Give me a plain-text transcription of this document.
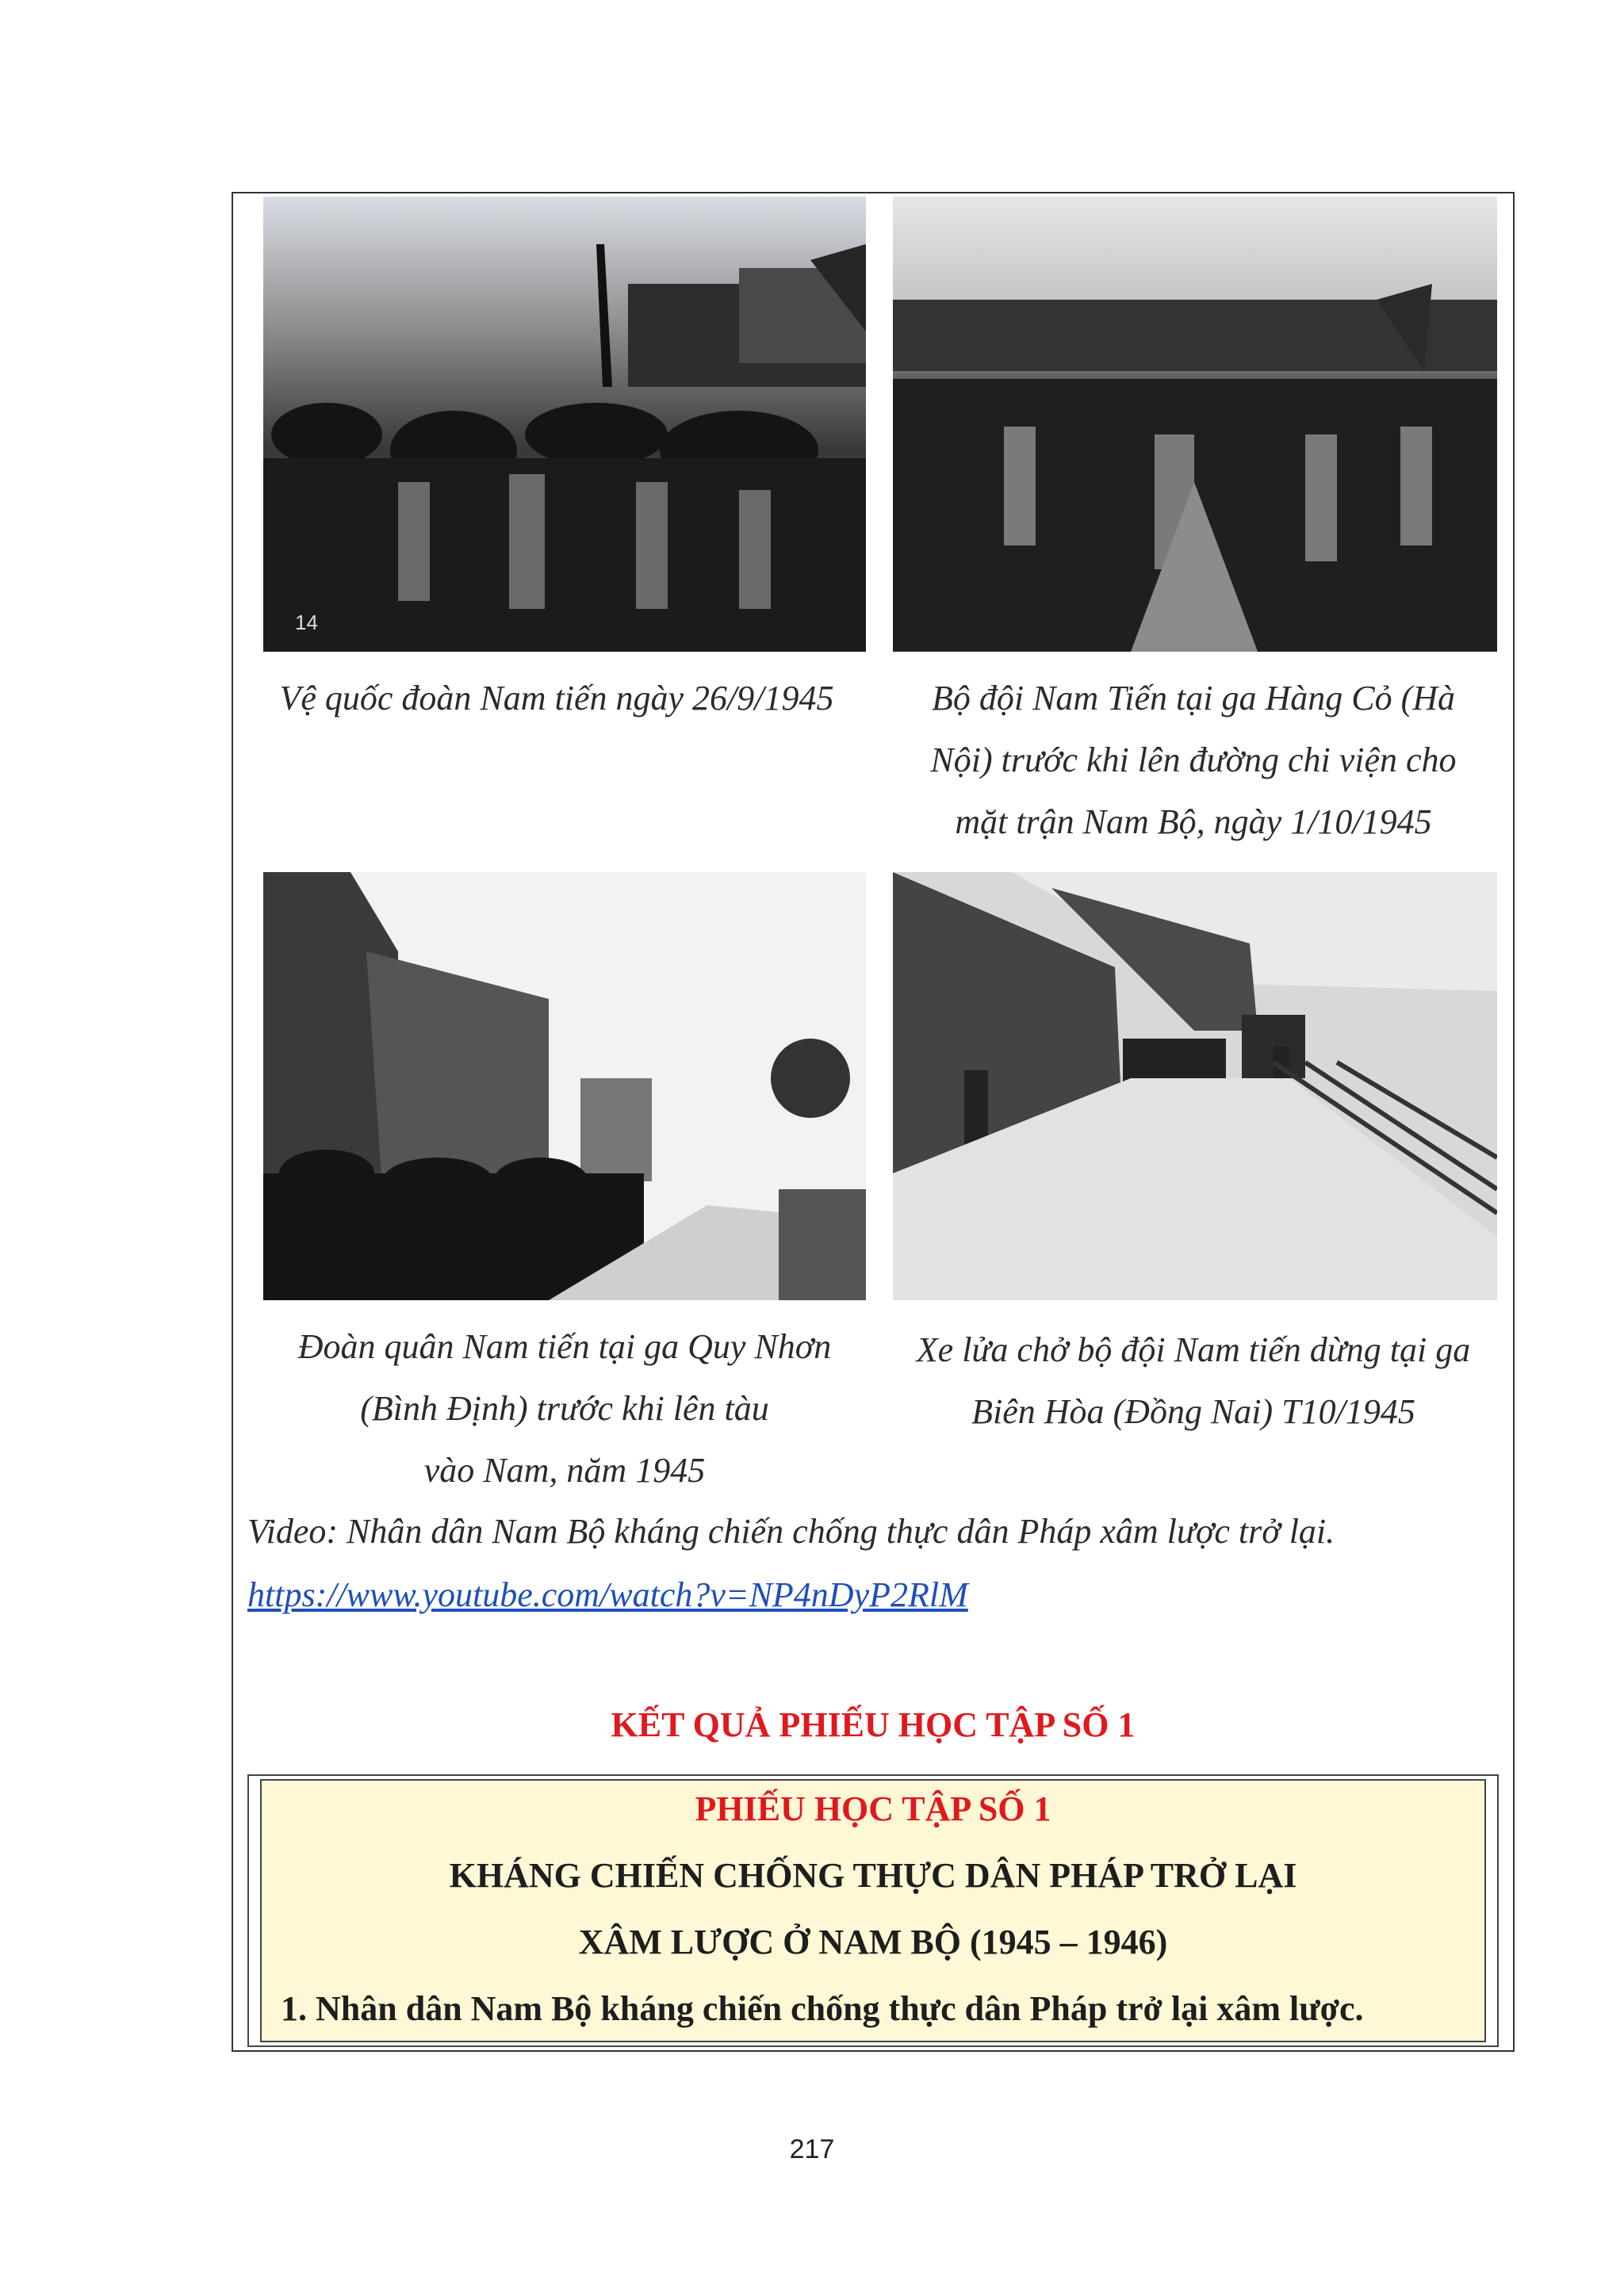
Vệ quốc đoàn Nam tiến ngày 26/9/1945	Bộ đội Nam Tiến tại ga Hàng Cỏ (Hà
Nội) trước khi lên đường chi viện cho
mặt trận Nam Bộ, ngày 1/10/1945
Đoàn quân Nam tiến tại ga Quy Nhơn
(Bình Định) trước khi lên tàu
vào Nam, năm 1945
Xe lửa chở bộ đội Nam tiến dừng tại ga
Biên Hòa (Đồng Nai) T10/1945
14
Video: Nhân dân Nam Bộ kháng chiến chống thực dân Pháp xâm lược trở lại.
https://www.youtube.com/watch?v=NP4nDyP2RlM
KẾT QUẢ PHIẾU HỌC TẬP SỐ 1
PHIẾU HỌC TẬP SỐ 1
KHÁNG CHIẾN CHỐNG THỰC DÂN PHÁP TRỞ LẠI
XÂM LƯỢC Ở NAM BỘ (1945 – 1946)
1. Nhân dân Nam Bộ kháng chiến chống thực dân Pháp trở lại xâm lược.
217
